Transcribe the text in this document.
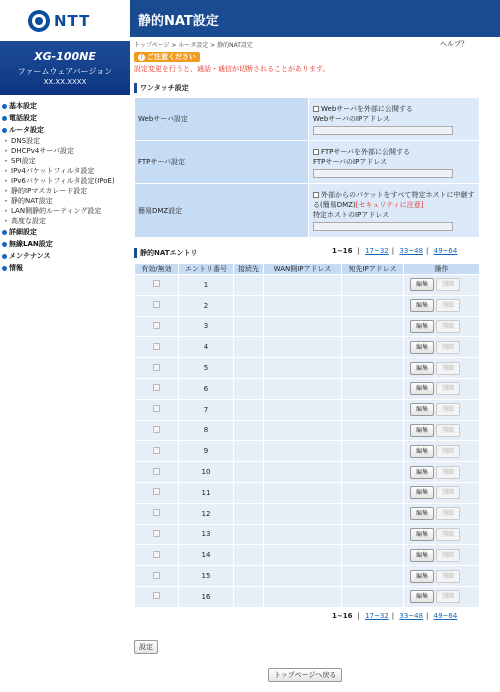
NTT
XG-100NE
ファームウェアバージョン
XX.XX.XXXX
基本設定
電話設定
ルータ設定
▸ DNS設定
▸ DHCPv4サーバ設定
▸ SPI設定
▸ IPv4パケットフィルタ設定
▸ IPv6パケットフィルタ設定(IPoE)
▸ 静的IPマスカレード設定
▸ 静的NAT設定
▸ LAN側静的ルーティング設定
▸ 高度な設定
詳細設定
無線LAN設定
メンテナンス
情報
静的NAT設定
トップページ > ルータ設定 > 静的NAT設定	ヘルプ？
! ご注意ください
設定変更を行うと、通話・通信が切断されることがあります。
ワンタッチ設定
Webサーバ設定	Webサーバを外部に公開する
WebサーバのIPアドレス

FTPサーバ設定	FTPサーバを外部に公開する
FTPサーバのIPアドレス

簡易DMZ設定	外部からのパケットをすべて特定ホストに中継する(簡易DMZ)[セキュリティに注意]
特定ホストのIPアドレス
静的NATエントリ	1~16 | 17~32 | 33~48 | 49~64
有効/無効	エントリ番号	接続先	WAN側IPアドレス	宛先IPアドレス	操作
	1				編集 削除
	2				編集 削除
	3				編集 削除
	4				編集 削除
	5				編集 削除
	6				編集 削除
	7				編集 削除
	8				編集 削除
	9				編集 削除
	10				編集 削除
	11				編集 削除
	12				編集 削除
	13				編集 削除
	14				編集 削除
	15				編集 削除
	16				編集 削除
1~16 | 17~32 | 33~48 | 49~64
設定
トップページへ戻る
